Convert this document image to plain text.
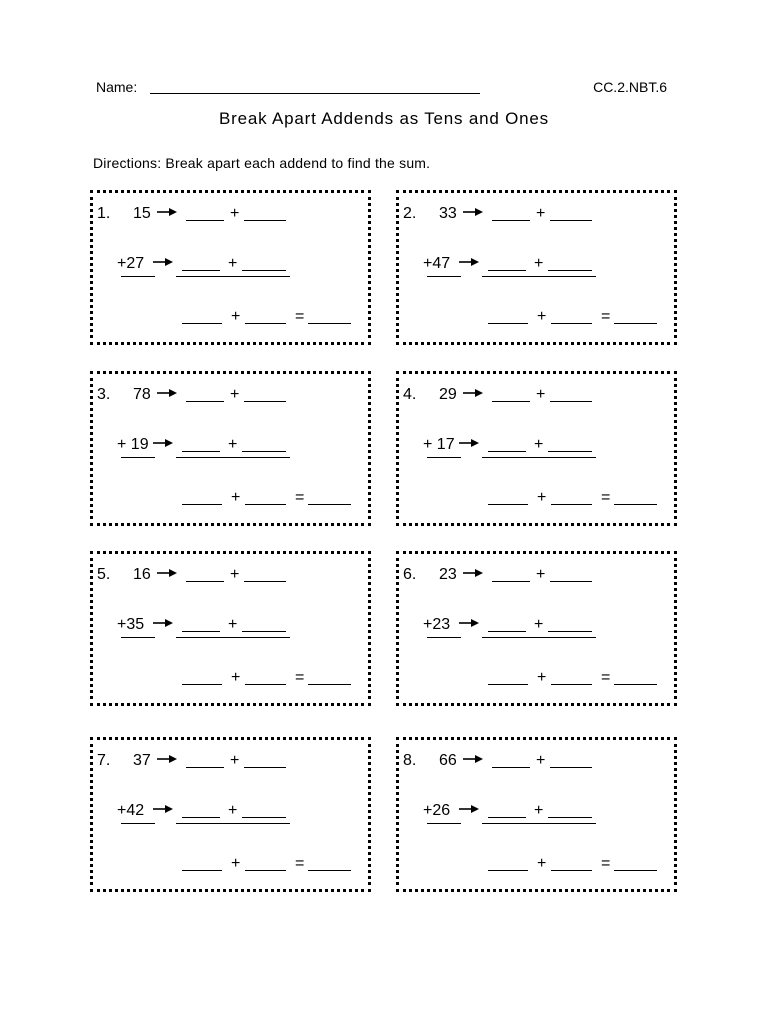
Name:	CC.2.NBT.6
Break Apart Addends as Tens and Ones
Directions: Break apart each addend to find the sum.
1. 15	+
+27	+
+	=
2. 33	+
+47	+
+	=
3. 78	+
+ 19	+
+	=
4. 29	+
+ 17	+
+	=
5. 16	+
+35	+
+	=
6. 23	+
+23	+
+	=
7. 37	+
+42	+
+	=
8. 66	+
+26	+
+	=
